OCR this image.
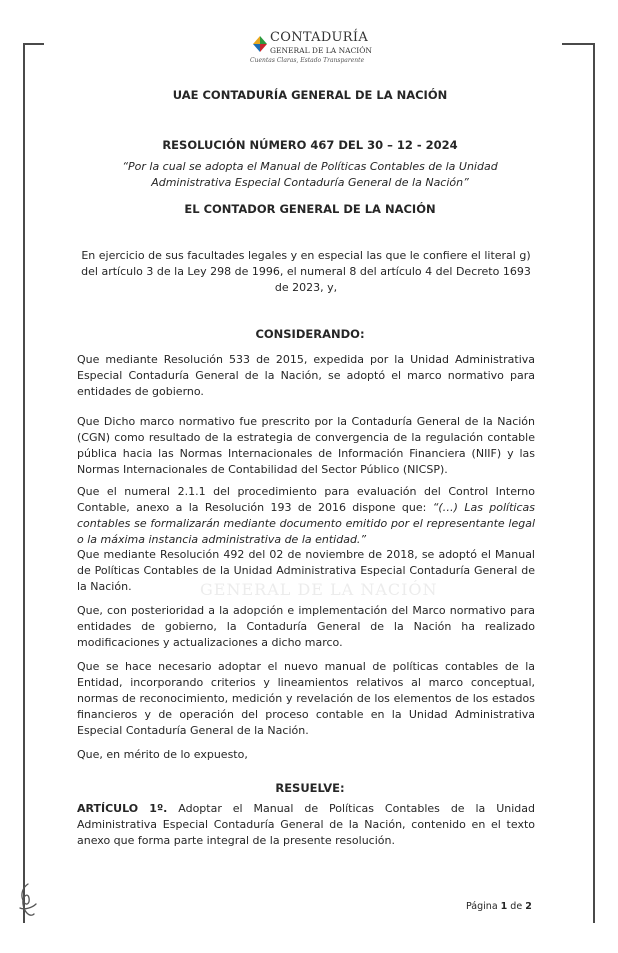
CONTADURÍA
GENERAL DE LA NACIÓN
Cuentas Claras, Estado Transparente
GENERAL DE LA NACIÓN
UAE CONTADURÍA GENERAL DE LA NACIÓN
RESOLUCIÓN NÚMERO 467 DEL 30 – 12 - 2024
“Por la cual se adopta el Manual de Políticas Contables de la Unidad
Administrativa Especial Contaduría General de la Nación”
EL CONTADOR GENERAL DE LA NACIÓN
En ejercicio de sus facultades legales y en especial las que le confiere el literal g) del artículo 3 de la Ley 298 de 1996, el numeral 8 del artículo 4 del Decreto 1693 de 2023, y,
CONSIDERANDO:
Que mediante Resolución 533 de 2015, expedida por la Unidad Administrativa Especial Contaduría General de la Nación, se adoptó el marco normativo para entidades de gobierno.
Que Dicho marco normativo fue prescrito por la Contaduría General de la Nación (CGN) como resultado de la estrategia de convergencia de la regulación contable pública hacia las Normas Internacionales de Información Financiera (NIIF) y las Normas Internacionales de Contabilidad del Sector Público (NICSP).
Que el numeral 2.1.1 del procedimiento para evaluación del Control Interno Contable, anexo a la Resolución 193 de 2016 dispone que: “(…) Las políticas contables se formalizarán mediante documento emitido por el representante legal o la máxima instancia administrativa de la entidad.”
Que mediante Resolución 492 del 02 de noviembre de 2018, se adoptó el Manual de Políticas Contables de la Unidad Administrativa Especial Contaduría General de la Nación.
Que, con posterioridad a la adopción e implementación del Marco normativo para entidades de gobierno, la Contaduría General de la Nación ha realizado modificaciones y actualizaciones a dicho marco.
Que se hace necesario adoptar el nuevo manual de políticas contables de la Entidad, incorporando criterios y lineamientos relativos al marco conceptual, normas de reconocimiento, medición y revelación de los elementos de los estados financieros y de operación del proceso contable en la Unidad Administrativa Especial Contaduría General de la Nación.
Que, en mérito de lo expuesto,
RESUELVE:
ARTÍCULO 1º. Adoptar el Manual de Políticas Contables de la Unidad Administrativa Especial Contaduría General de la Nación, contenido en el texto anexo que forma parte integral de la presente resolución.
Página 1 de 2
